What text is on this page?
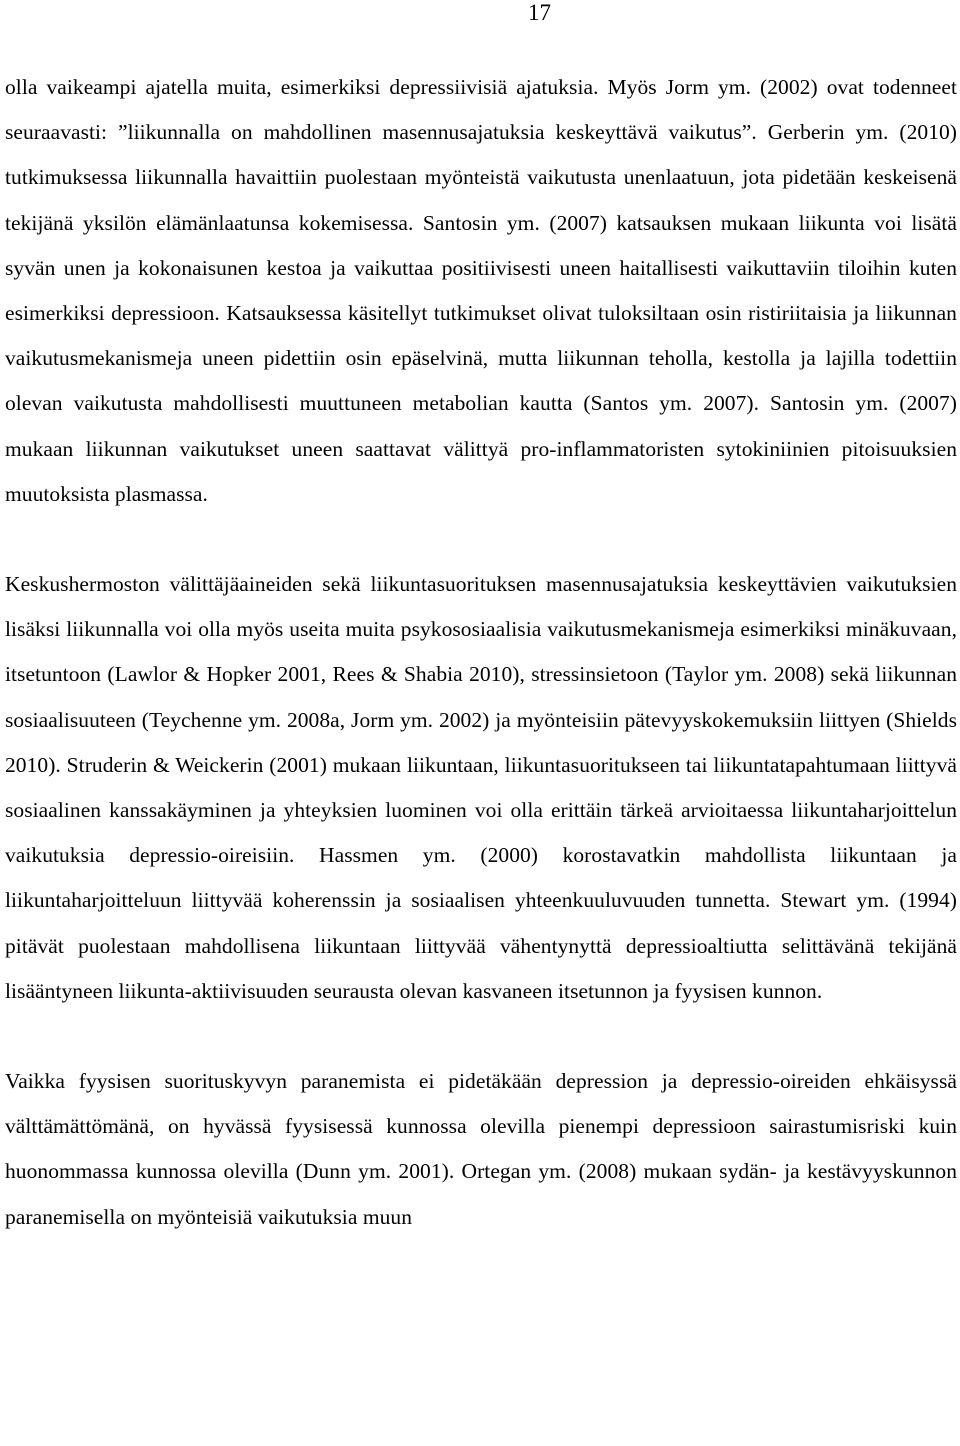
17

olla vaikeampi ajatella muita, esimerkiksi depressiivisiä ajatuksia. Myös Jorm ym. (2002) ovat todenneet seuraavasti: ”liikunnalla on mahdollinen masennusajatuksia keskeyttävä vaikutus”. Gerberin ym. (2010) tutkimuksessa liikunnalla havaittiin puolestaan myönteistä vaikutusta unenlaatuun, jota pidetään keskeisenä tekijänä yksilön elämänlaatunsa kokemisessa. Santosin ym. (2007) katsauksen mukaan liikunta voi lisätä syvän unen ja kokonaisunen kestoa ja vaikuttaa positiivisesti uneen haitallisesti vaikuttaviin tiloihin kuten esimerkiksi depressioon. Katsauksessa käsitellyt tutkimukset olivat tuloksiltaan osin ristiriitaisia ja liikunnan vaikutusmekanismeja uneen pidettiin osin epäselvinä, mutta liikunnan teholla, kestolla ja lajilla todettiin olevan vaikutusta mahdollisesti muuttuneen metabolian kautta (Santos ym. 2007). Santosin ym. (2007) mukaan liikunnan vaikutukset uneen saattavat välittyä pro-inflammatoristen sytokiniinien pitoisuuksien muutoksista plasmassa.

Keskushermoston välittäjäaineiden sekä liikuntasuorituksen masennusajatuksia keskeyttävien vaikutuksien lisäksi liikunnalla voi olla myös useita muita psykososiaalisia vaikutusmekanismeja esimerkiksi minäkuvaan, itsetuntoon (Lawlor & Hopker 2001, Rees & Shabia 2010), stressinsietoon (Taylor ym. 2008) sekä liikunnan sosiaalisuuteen (Teychenne ym. 2008a, Jorm ym. 2002) ja myönteisiin pätevyyskokemuksiin liittyen (Shields 2010). Struderin & Weickerin (2001) mukaan liikuntaan, liikuntasuoritukseen tai liikuntatapahtumaan liittyvä sosiaalinen kanssakäyminen ja yhteyksien luominen voi olla erittäin tärkeä arvioitaessa liikuntaharjoittelun vaikutuksia depressio-oireisiin. Hassmen ym. (2000) korostavatkin mahdollista liikuntaan ja liikuntaharjoitteluun liittyvää koherenssin ja sosiaalisen yhteenkuuluvuuden tunnetta. Stewart ym. (1994) pitävät puolestaan mahdollisena liikuntaan liittyvää vähentynyttä depressioaltiutta selittävänä tekijänä lisääntyneen liikunta-aktiivisuuden seurausta olevan kasvaneen itsetunnon ja fyysisen kunnon.

Vaikka fyysisen suorituskyvyn paranemista ei pidetäkään depression ja depressio-oireiden ehkäisyssä välttämättömänä, on hyvässä fyysisessä kunnossa olevilla pienempi depressioon sairastumisriski kuin huonommassa kunnossa olevilla (Dunn ym. 2001). Ortegan ym. (2008) mukaan sydän- ja kestävyyskunnon paranemisella on myönteisiä vaikutuksia muun
